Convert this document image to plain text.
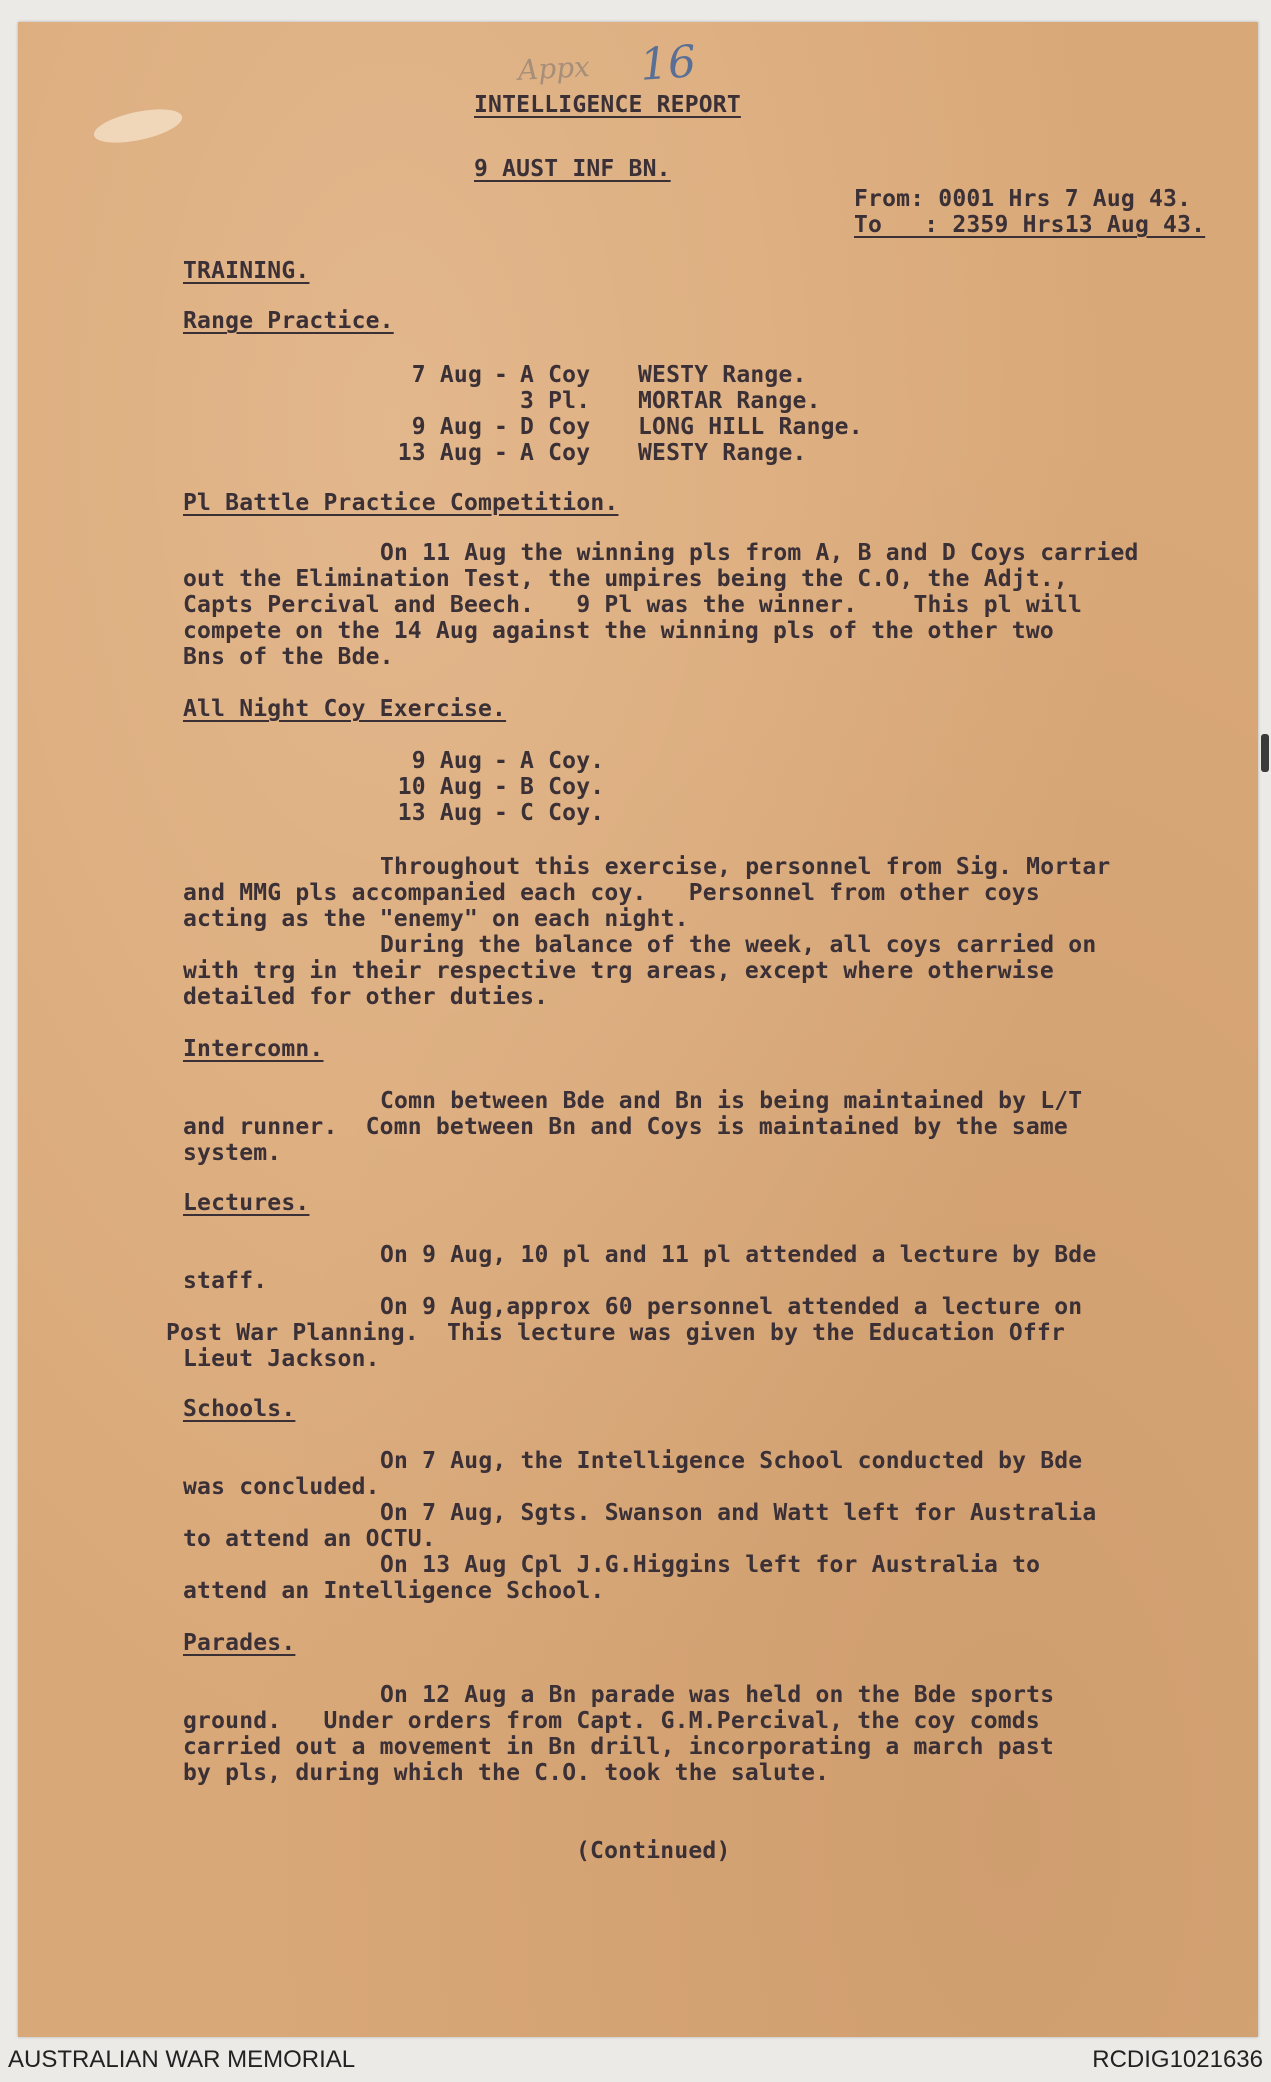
Appx 16
INTELLIGENCE REPORT
9 AUST INF BN.
From: 0001 Hrs 7 Aug 43.
To   : 2359 Hrs13 Aug 43.
TRAINING.
Range Practice.
7 Aug - A Coy WESTY Range.
3 Pl. MORTAR Range.
9 Aug - D Coy LONG HILL Range.
13 Aug - A Coy WESTY Range.
Pl Battle Practice Competition.
On 11 Aug the winning pls from A, B and D Coys carried
out the Elimination Test, the umpires being the C.O, the Adjt.,
Capts Percival and Beech.   9 Pl was the winner.    This pl will
compete on the 14 Aug against the winning pls of the other two
Bns of the Bde.
All Night Coy Exercise.
9 Aug - A Coy.
10 Aug - B Coy.
13 Aug - C Coy.
Throughout this exercise, personnel from Sig. Mortar
and MMG pls accompanied each coy.   Personnel from other coys
acting as the "enemy" on each night.
During the balance of the week, all coys carried on
with trg in their respective trg areas, except where otherwise
detailed for other duties.
Intercomn.
Comn between Bde and Bn is being maintained by L/T
and runner.  Comn between Bn and Coys is maintained by the same
system.
Lectures.
On 9 Aug, 10 pl and 11 pl attended a lecture by Bde
staff.
On 9 Aug,approx 60 personnel attended a lecture on
Post War Planning.  This lecture was given by the Education Offr
Lieut Jackson.
Schools.
On 7 Aug, the Intelligence School conducted by Bde
was concluded.
On 7 Aug, Sgts. Swanson and Watt left for Australia
to attend an OCTU.
On 13 Aug Cpl J.G.Higgins left for Australia to
attend an Intelligence School.
Parades.
On 12 Aug a Bn parade was held on the Bde sports
ground.   Under orders from Capt. G.M.Percival, the coy comds
carried out a movement in Bn drill, incorporating a march past
by pls, during which the C.O. took the salute.
(Continued)
AUSTRALIAN WAR MEMORIAL	RCDIG1021636
